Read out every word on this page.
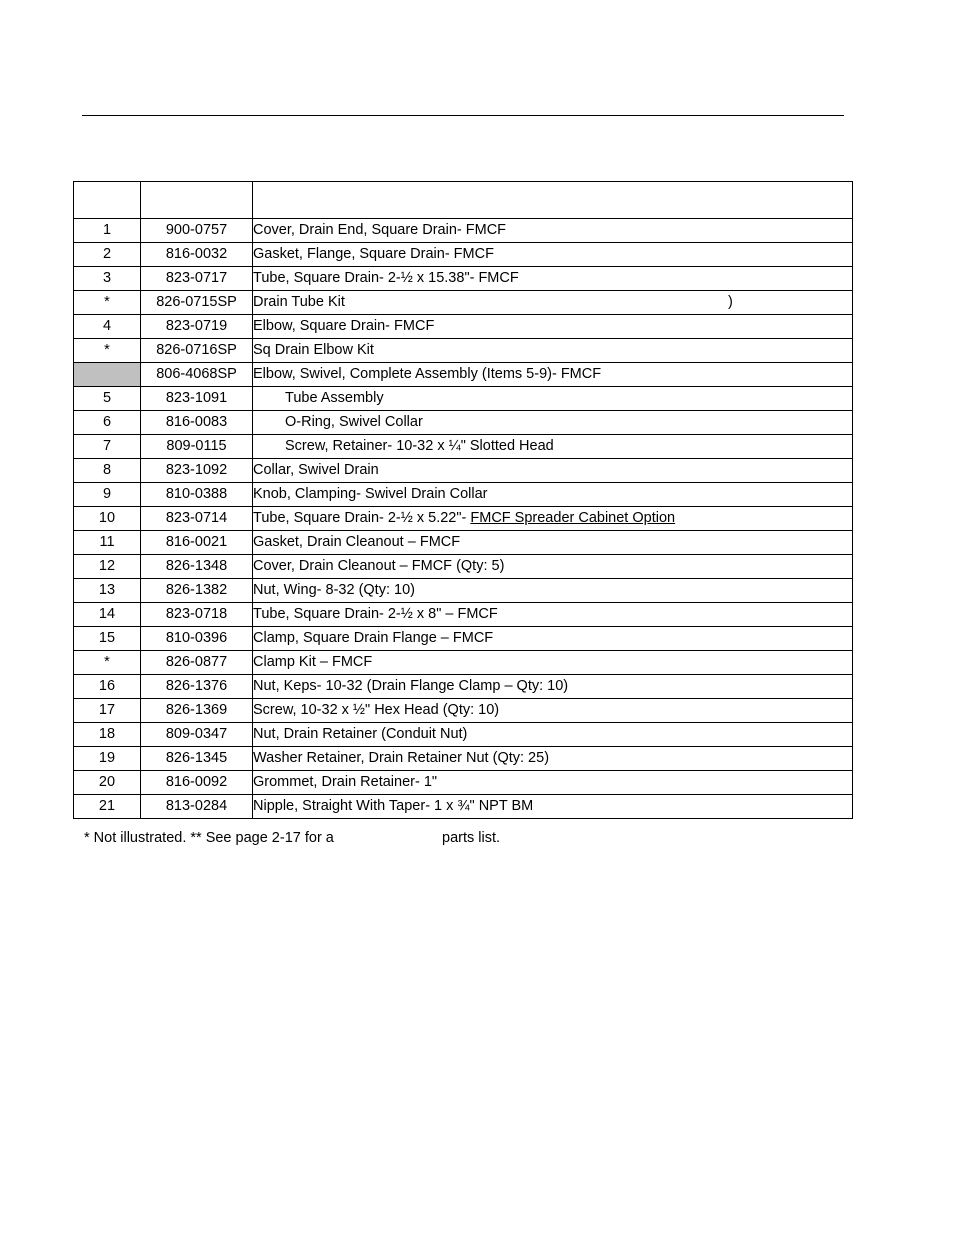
1	900-0757	Cover, Drain End, Square Drain- FMCF
2	816-0032	Gasket, Flange, Square Drain- FMCF
3	823-0717	Tube, Square Drain- 2-½ x 15.38"- FMCF
*	826-0715SP	Drain Tube Kit )

4	823-0719	Elbow, Square Drain- FMCF
*	826-0716SP	Sq Drain Elbow Kit
	806-4068SP	Elbow, Swivel, Complete Assembly (Items 5-9)- FMCF
5	823-1091	Tube Assembly
6	816-0083	O-Ring, Swivel Collar
7	809-0115	Screw, Retainer- 10-32 x ¼" Slotted Head
8	823-1092	Collar, Swivel Drain
9	810-0388	Knob, Clamping- Swivel Drain Collar
10	823-0714	Tube, Square Drain- 2-½ x 5.22"- FMCF Spreader Cabinet Option
11	816-0021	Gasket, Drain Cleanout – FMCF
12	826-1348	Cover, Drain Cleanout – FMCF (Qty: 5)
13	826-1382	Nut, Wing- 8-32 (Qty: 10)
14	823-0718	Tube, Square Drain- 2-½ x 8" – FMCF
15	810-0396	Clamp, Square Drain Flange – FMCF
*	826-0877	Clamp Kit – FMCF
16	826-1376	Nut, Keps- 10-32 (Drain Flange Clamp – Qty: 10)
17	826-1369	Screw, 10-32 x ½" Hex Head (Qty: 10)
18	809-0347	Nut, Drain Retainer (Conduit Nut)
19	826-1345	Washer Retainer, Drain Retainer Nut (Qty: 25)
20	816-0092	Grommet, Drain Retainer- 1"
21	813-0284	Nipple, Straight With Taper- 1 x ¾" NPT BM

* Not illustrated. ** See page 2-17 for a

	parts list.
